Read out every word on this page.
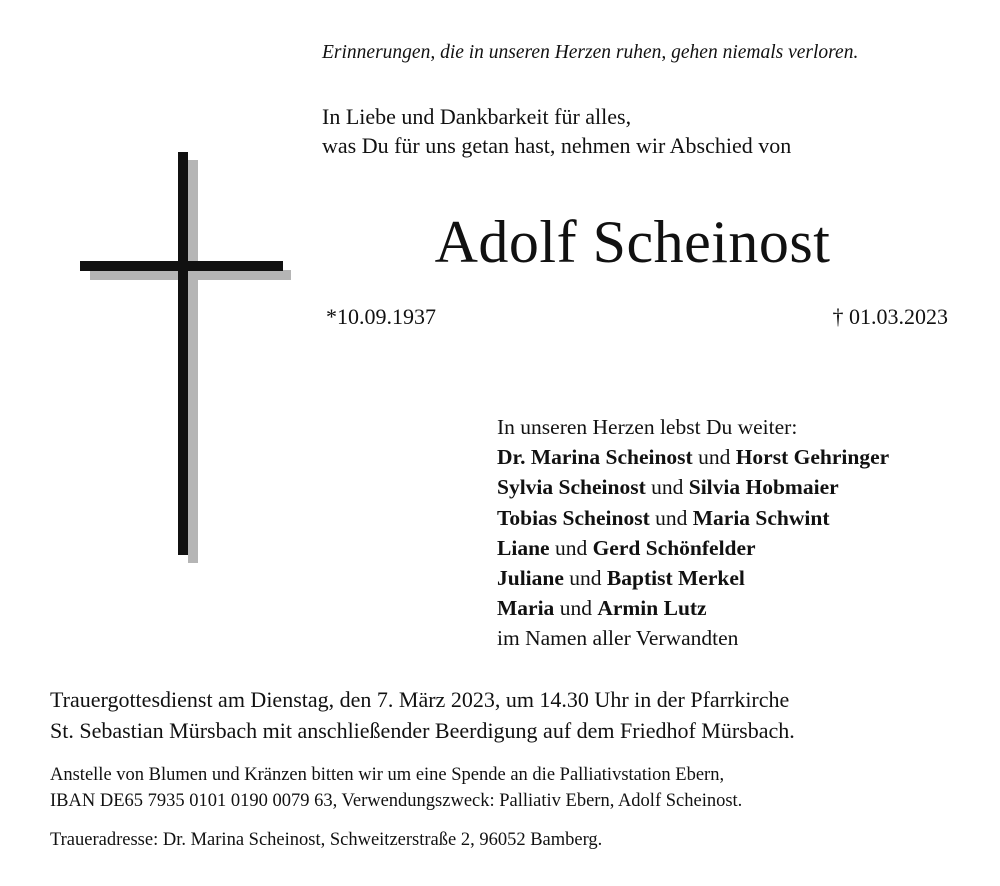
Erinnerungen, die in unseren Herzen ruhen, gehen niemals verloren.
In Liebe und Dankbarkeit für alles,
was Du für uns getan hast, nehmen wir Abschied von
Adolf Scheinost
*10.09.1937	† 01.03.2023
In unseren Herzen lebst Du weiter:
Dr. Marina Scheinost und Horst Gehringer
Sylvia Scheinost und Silvia Hobmaier
Tobias Scheinost und Maria Schwint
Liane und Gerd Schönfelder
Juliane und Baptist Merkel
Maria und Armin Lutz
im Namen aller Verwandten
Trauergottesdienst am Dienstag, den 7. März 2023, um 14.30 Uhr in der Pfarrkirche
St. Sebastian Mürsbach mit anschließender Beerdigung auf dem Friedhof Mürsbach.
Anstelle von Blumen und Kränzen bitten wir um eine Spende an die Palliativstation Ebern,
IBAN DE65 7935 0101 0190 0079 63, Verwendungszweck: Palliativ Ebern, Adolf Scheinost.
Traueradresse: Dr. Marina Scheinost, Schweitzerstraße 2, 96052 Bamberg.
